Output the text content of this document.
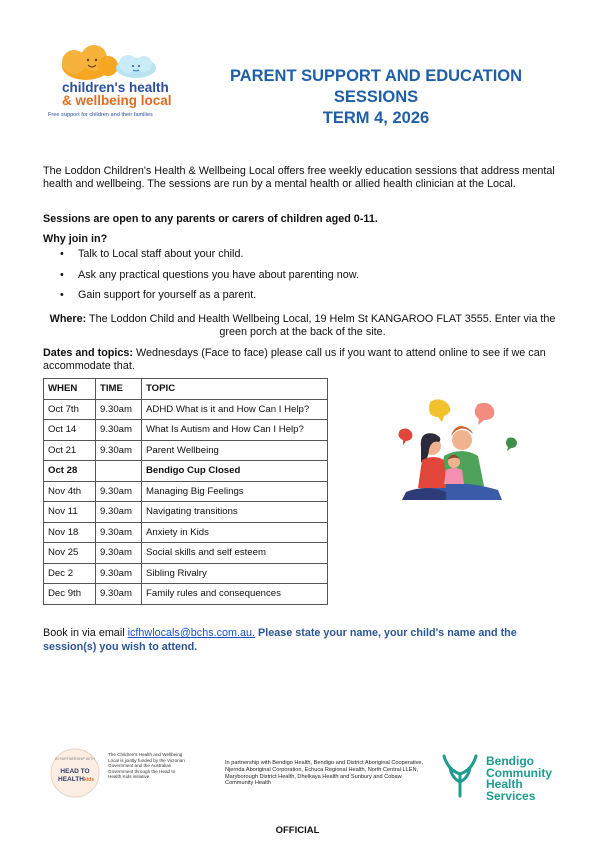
children's health
& wellbeing local
Free support for children and their families
PARENT SUPPORT AND EDUCATION
SESSIONS
TERM 4, 2026
The Loddon Children's Health & Wellbeing Local offers free weekly education sessions that address mental health and wellbeing. The sessions are run by a mental health or allied health clinician at the Local.
Sessions are open to any parents or carers of children aged 0-11.
Why join in?
• Talk to Local staff about your child.
• Ask any practical questions you have about parenting now.
• Gain support for yourself as a parent.
Where: The Loddon Child and Health Wellbeing Local, 19 Helm St KANGAROO FLAT 3555. Enter via the green porch at the back of the site.
Dates and topics: Wednesdays (Face to face) please call us if you want to attend online to see if we can accommodate that.
WHEN	TIME	TOPIC
Oct 7th	9.30am	ADHD What is it and How Can I Help?
Oct 14	9.30am	What Is Autism and How Can I Help?
Oct 21	9.30am	Parent Wellbeing
Oct 28		Bendigo Cup Closed
Nov 4th	9.30am	Managing Big Feelings
Nov 11	9.30am	Navigating transitions
Nov 18	9.30am	Anxiety in Kids
Nov 25	9.30am	Social skills and self esteem
Dec 2	9.30am	Sibling Rivalry
Dec 9th	9.30am	Family rules and consequences
Book in via email icfhwlocals@bchs.com.au. Please state your name, your child's name and the session(s) you wish to attend.
IN PARTNERSHIP WITH
HEAD TO
HEALTH kids
The Children's Health and Wellbeing Local is jointly funded by the Victorian Government and the Australian Government through the Head to Health Kids initiative.
In partnership with Bendigo Health, Bendigo and District Aboriginal Cooperative, Njernda Aboriginal Corporation, Echuca Regional Health, North Central LLEN, Maryborough District Health, Dhelkaya Health and Sunbury and Cobaw Community Health
Bendigo
Community
Health
Services
OFFICIAL
